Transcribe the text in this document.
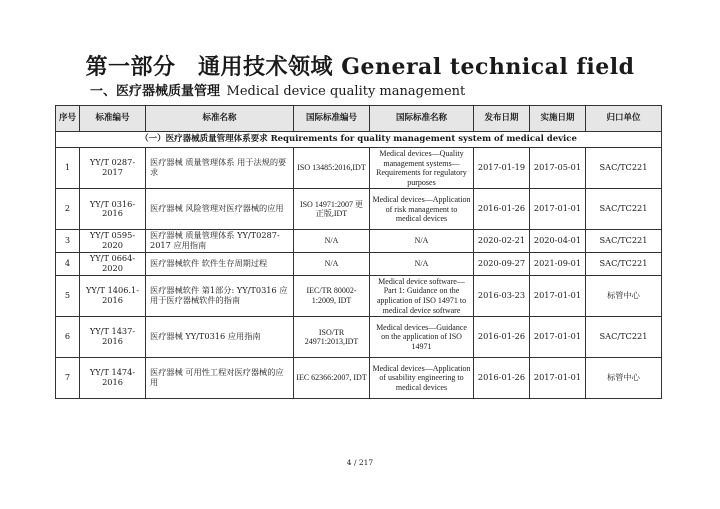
第一部分　通用技术领域 General technical field
一、医疗器械质量管理 Medical device quality management
序号	标准编号	标准名称	国际标准编号	国际标准名称	发布日期	实施日期	归口单位
（一）医疗器械质量管理体系要求 Requirements for quality management system of medical device							
1	YY/T 0287-2017	医疗器械 质量管理体系 用于法规的要求	ISO 13485:2016,IDT	Medical devices—Quality management systems—Requirements for regulatory purposes	2017-01-19	2017-05-01	SAC/TC221
2	YY/T 0316-2016	医疗器械 风险管理对医疗器械的应用	ISO 14971:2007 更正版,IDT	Medical devices—Application of risk management to medical devices	2016-01-26	2017-01-01	SAC/TC221
3	YY/T 0595-2020	医疗器械 质量管理体系 YY/T0287-2017 应用指南	N/A	N/A	2020-02-21	2020-04-01	SAC/TC221
4	YY/T 0664-2020	医疗器械软件 软件生存周期过程	N/A	N/A	2020-09-27	2021-09-01	SAC/TC221
5	YY/T 1406.1-2016	医疗器械软件 第1部分: YY/T0316 应用于医疗器械软件的指南	IEC/TR 80002-1:2009, IDT	Medical device software—Part 1: Guidance on the application of ISO 14971 to medical device software	2016-03-23	2017-01-01	标管中心
6	YY/T 1437-2016	医疗器械 YY/T0316 应用指南	ISO/TR 24971:2013,IDT	Medical devices—Guidance on the application of ISO 14971	2016-01-26	2017-01-01	SAC/TC221
7	YY/T 1474-2016	医疗器械 可用性工程对医疗器械的应用	IEC 62366:2007, IDT	Medical devices—Application of usability engineering to medical devices	2016-01-26	2017-01-01	标管中心
4 / 217
